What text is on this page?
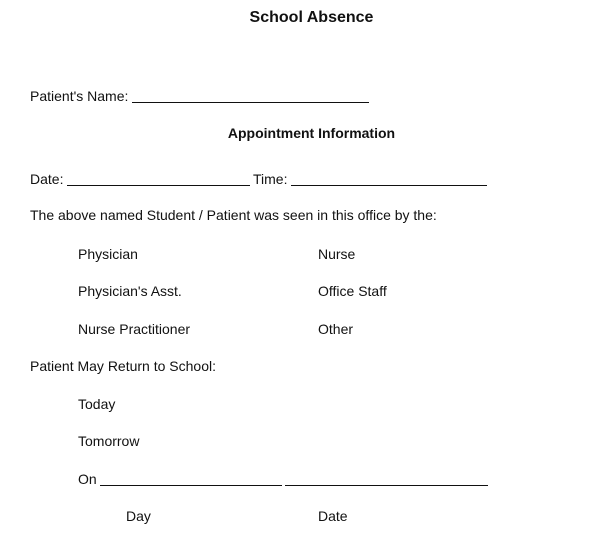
School Absence
Patient's Name:
Appointment Information
Date:	Time:
The above named Student / Patient was seen in this office by the:
Physician	Nurse
Physician's Asst.	Office Staff
Nurse Practitioner	Other
Patient May Return to School:
Today
Tomorrow
On
Day	Date
